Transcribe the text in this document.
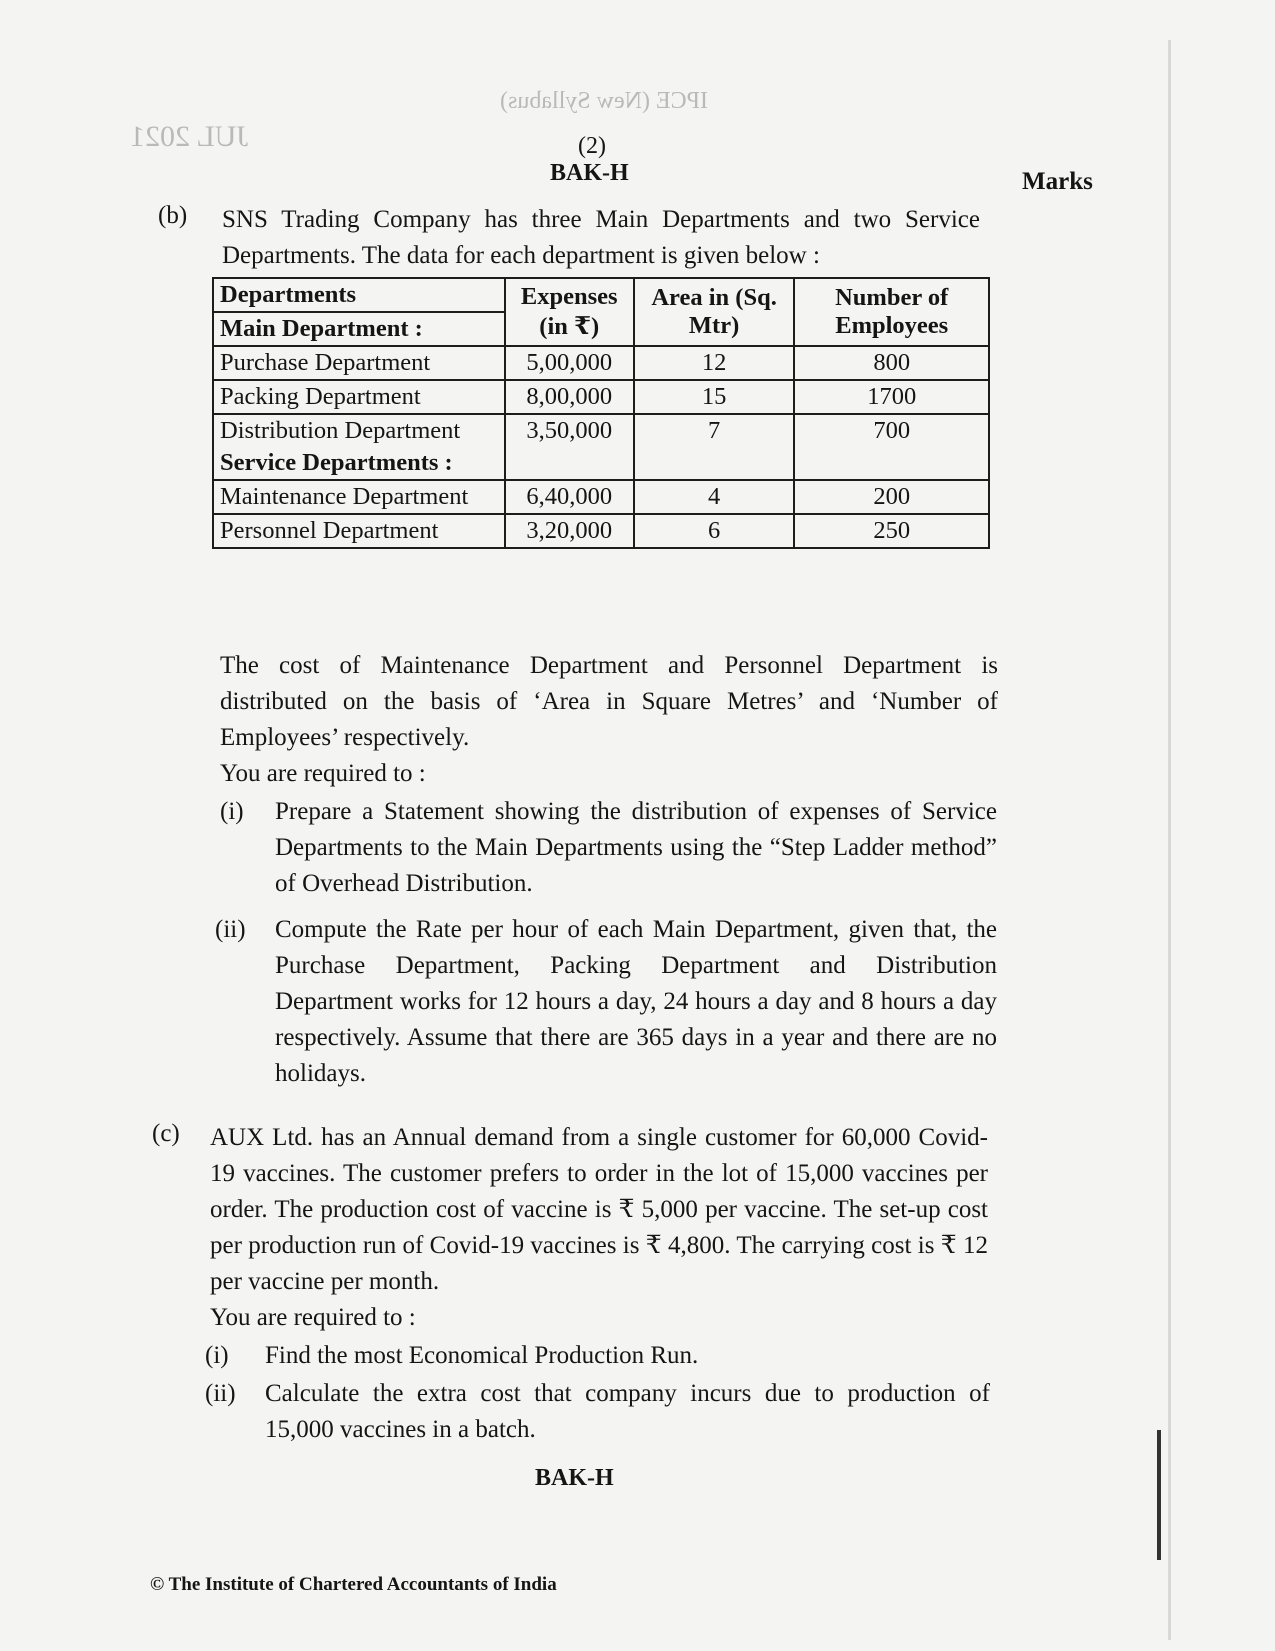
IPCE (New Syllabus)
JUL 2021	(2)
BAK-H	Marks
(b) SNS Trading Company has three Main Departments and two Service Departments. The data for each department is given below :
Departments	Expenses (in ₹)	Area in (Sq. Mtr)	Number of Employees
Main Department :			
Purchase Department	5,00,000	12	800
Packing Department	8,00,000	15	1700
Distribution Department	3,50,000	7	700
Service Departments :			
Maintenance Department	6,40,000	4	200
Personnel Department	3,20,000	6	250
The cost of Maintenance Department and Personnel Department is distributed on the basis of ‘Area in Square Metres’ and ‘Number of Employees’ respectively.
You are required to :
(i) Prepare a Statement showing the distribution of expenses of Service Departments to the Main Departments using the “Step Ladder method” of Overhead Distribution.
(ii) Compute the Rate per hour of each Main Department, given that, the Purchase Department, Packing Department and Distribution Department works for 12 hours a day, 24 hours a day and 8 hours a day respectively. Assume that there are 365 days in a year and there are no holidays.
(c) AUX Ltd. has an Annual demand from a single customer for 60,000 Covid-19 vaccines. The customer prefers to order in the lot of 15,000 vaccines per order. The production cost of vaccine is ₹ 5,000 per vaccine. The set-up cost per production run of Covid-19 vaccines is ₹ 4,800. The carrying cost is ₹ 12 per vaccine per month.
You are required to :
(i) Find the most Economical Production Run.
(ii) Calculate the extra cost that company incurs due to production of 15,000 vaccines in a batch.
BAK-H
© The Institute of Chartered Accountants of India
